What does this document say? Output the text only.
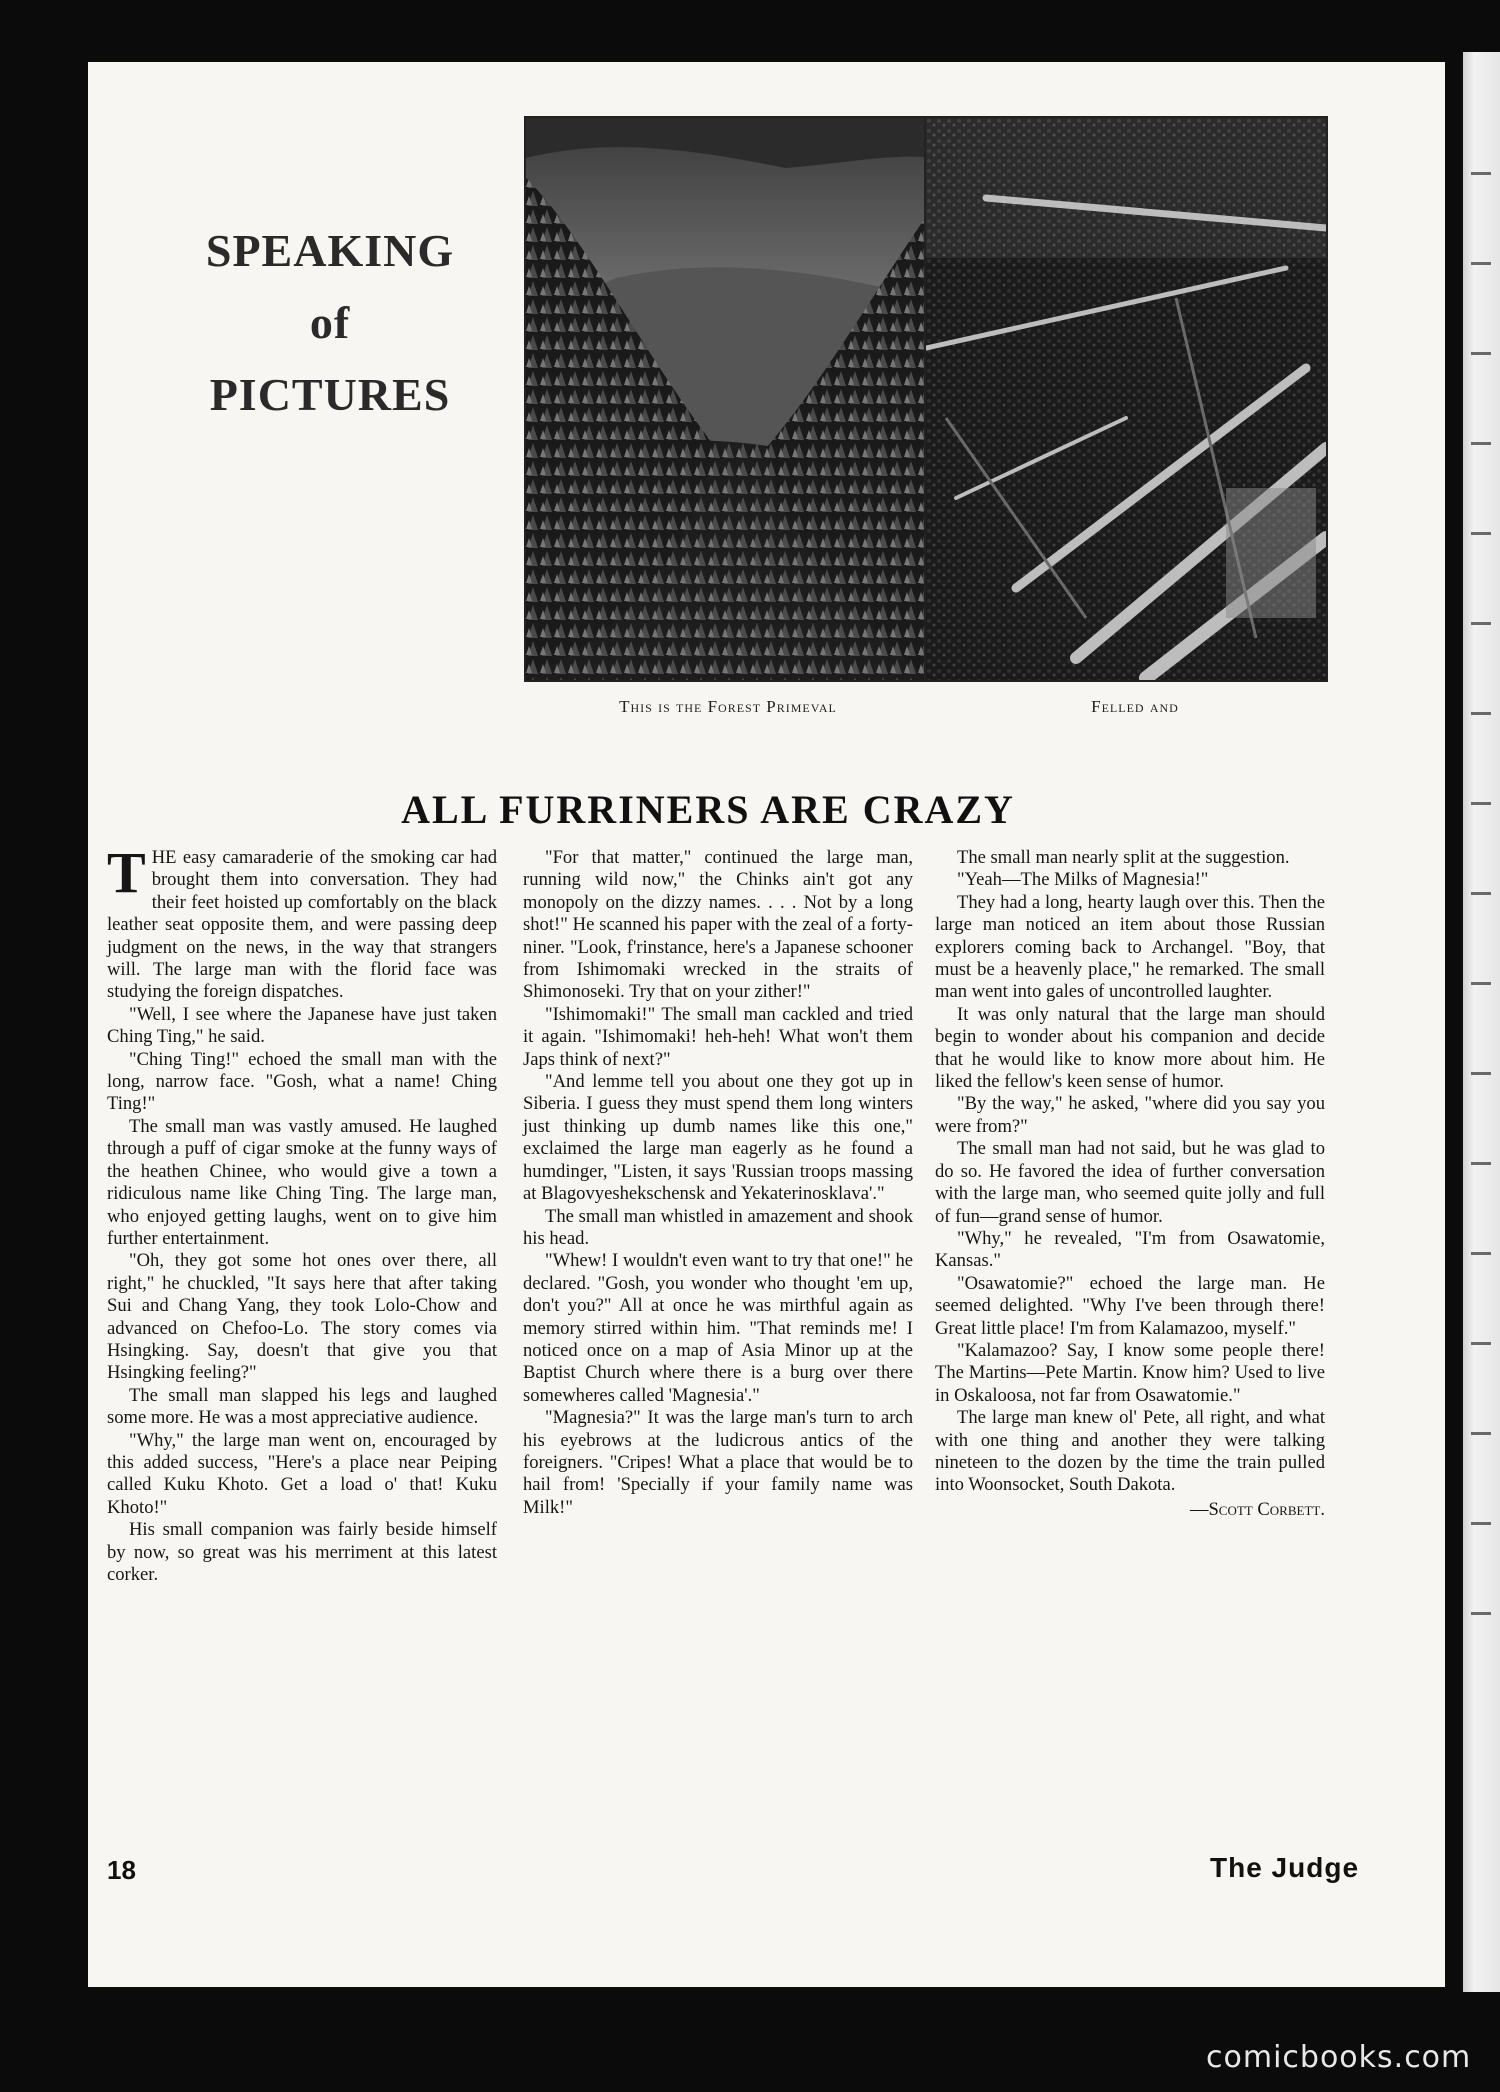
SPEAKING
of
PICTURES
This is the Forest Primeval	Felled and
ALL FURRINERS ARE CRAZY

THE easy camaraderie of the smoking car had brought them into conversation. They had their feet hoisted up comfortably on the black leather seat opposite them, and were passing deep judgment on the news, in the way that strangers will. The large man with the florid face was studying the foreign dispatches.

"Well, I see where the Japanese have just taken Ching Ting," he said.

"Ching Ting!" echoed the small man with the long, narrow face. "Gosh, what a name! Ching Ting!"

The small man was vastly amused. He laughed through a puff of cigar smoke at the funny ways of the heathen Chinee, who would give a town a ridiculous name like Ching Ting. The large man, who enjoyed getting laughs, went on to give him further entertainment.

"Oh, they got some hot ones over there, all right," he chuckled, "It says here that after taking Sui and Chang Yang, they took Lolo-Chow and advanced on Chefoo-Lo. The story comes via Hsingking. Say, doesn't that give you that Hsingking feeling?"

The small man slapped his legs and laughed some more. He was a most appreciative audience.

"Why," the large man went on, encouraged by this added success, "Here's a place near Peiping called Kuku Khoto. Get a load o' that! Kuku Khoto!"

His small companion was fairly beside himself by now, so great was his merriment at this latest corker.

"For that matter," continued the large man, running wild now," the Chinks ain't got any monopoly on the dizzy names. . . . Not by a long shot!" He scanned his paper with the zeal of a forty-niner. "Look, f'rinstance, here's a Japanese schooner from Ishimomaki wrecked in the straits of Shimonoseki. Try that on your zither!"

"Ishimomaki!" The small man cackled and tried it again. "Ishimomaki! heh-heh! What won't them Japs think of next?"

"And lemme tell you about one they got up in Siberia. I guess they must spend them long winters just thinking up dumb names like this one," exclaimed the large man eagerly as he found a humdinger, "Listen, it says 'Russian troops massing at Blagovyeshekschensk and Yekaterinosklava'."

The small man whistled in amazement and shook his head.

"Whew! I wouldn't even want to try that one!" he declared. "Gosh, you wonder who thought 'em up, don't you?" All at once he was mirthful again as memory stirred within him. "That reminds me! I noticed once on a map of Asia Minor up at the Baptist Church where there is a burg over there somewheres called 'Magnesia'."

"Magnesia?" It was the large man's turn to arch his eyebrows at the ludicrous antics of the foreigners. "Cripes! What a place that would be to hail from! 'Specially if your family name was Milk!"

The small man nearly split at the suggestion.

"Yeah—The Milks of Magnesia!"

They had a long, hearty laugh over this. Then the large man noticed an item about those Russian explorers coming back to Archangel. "Boy, that must be a heavenly place," he remarked. The small man went into gales of uncontrolled laughter.

It was only natural that the large man should begin to wonder about his companion and decide that he would like to know more about him. He liked the fellow's keen sense of humor.

"By the way," he asked, "where did you say you were from?"

The small man had not said, but he was glad to do so. He favored the idea of further conversation with the large man, who seemed quite jolly and full of fun—grand sense of humor.

"Why," he revealed, "I'm from Osawatomie, Kansas."

"Osawatomie?" echoed the large man. He seemed delighted. "Why I've been through there! Great little place! I'm from Kalamazoo, myself."

"Kalamazoo? Say, I know some people there! The Martins—Pete Martin. Know him? Used to live in Oskaloosa, not far from Osawatomie."

The large man knew ol' Pete, all right, and what with one thing and another they were talking nineteen to the dozen by the time the train pulled into Woonsocket, South Dakota.

—Scott Corbett.
18	The Judge
comicbooks.com
